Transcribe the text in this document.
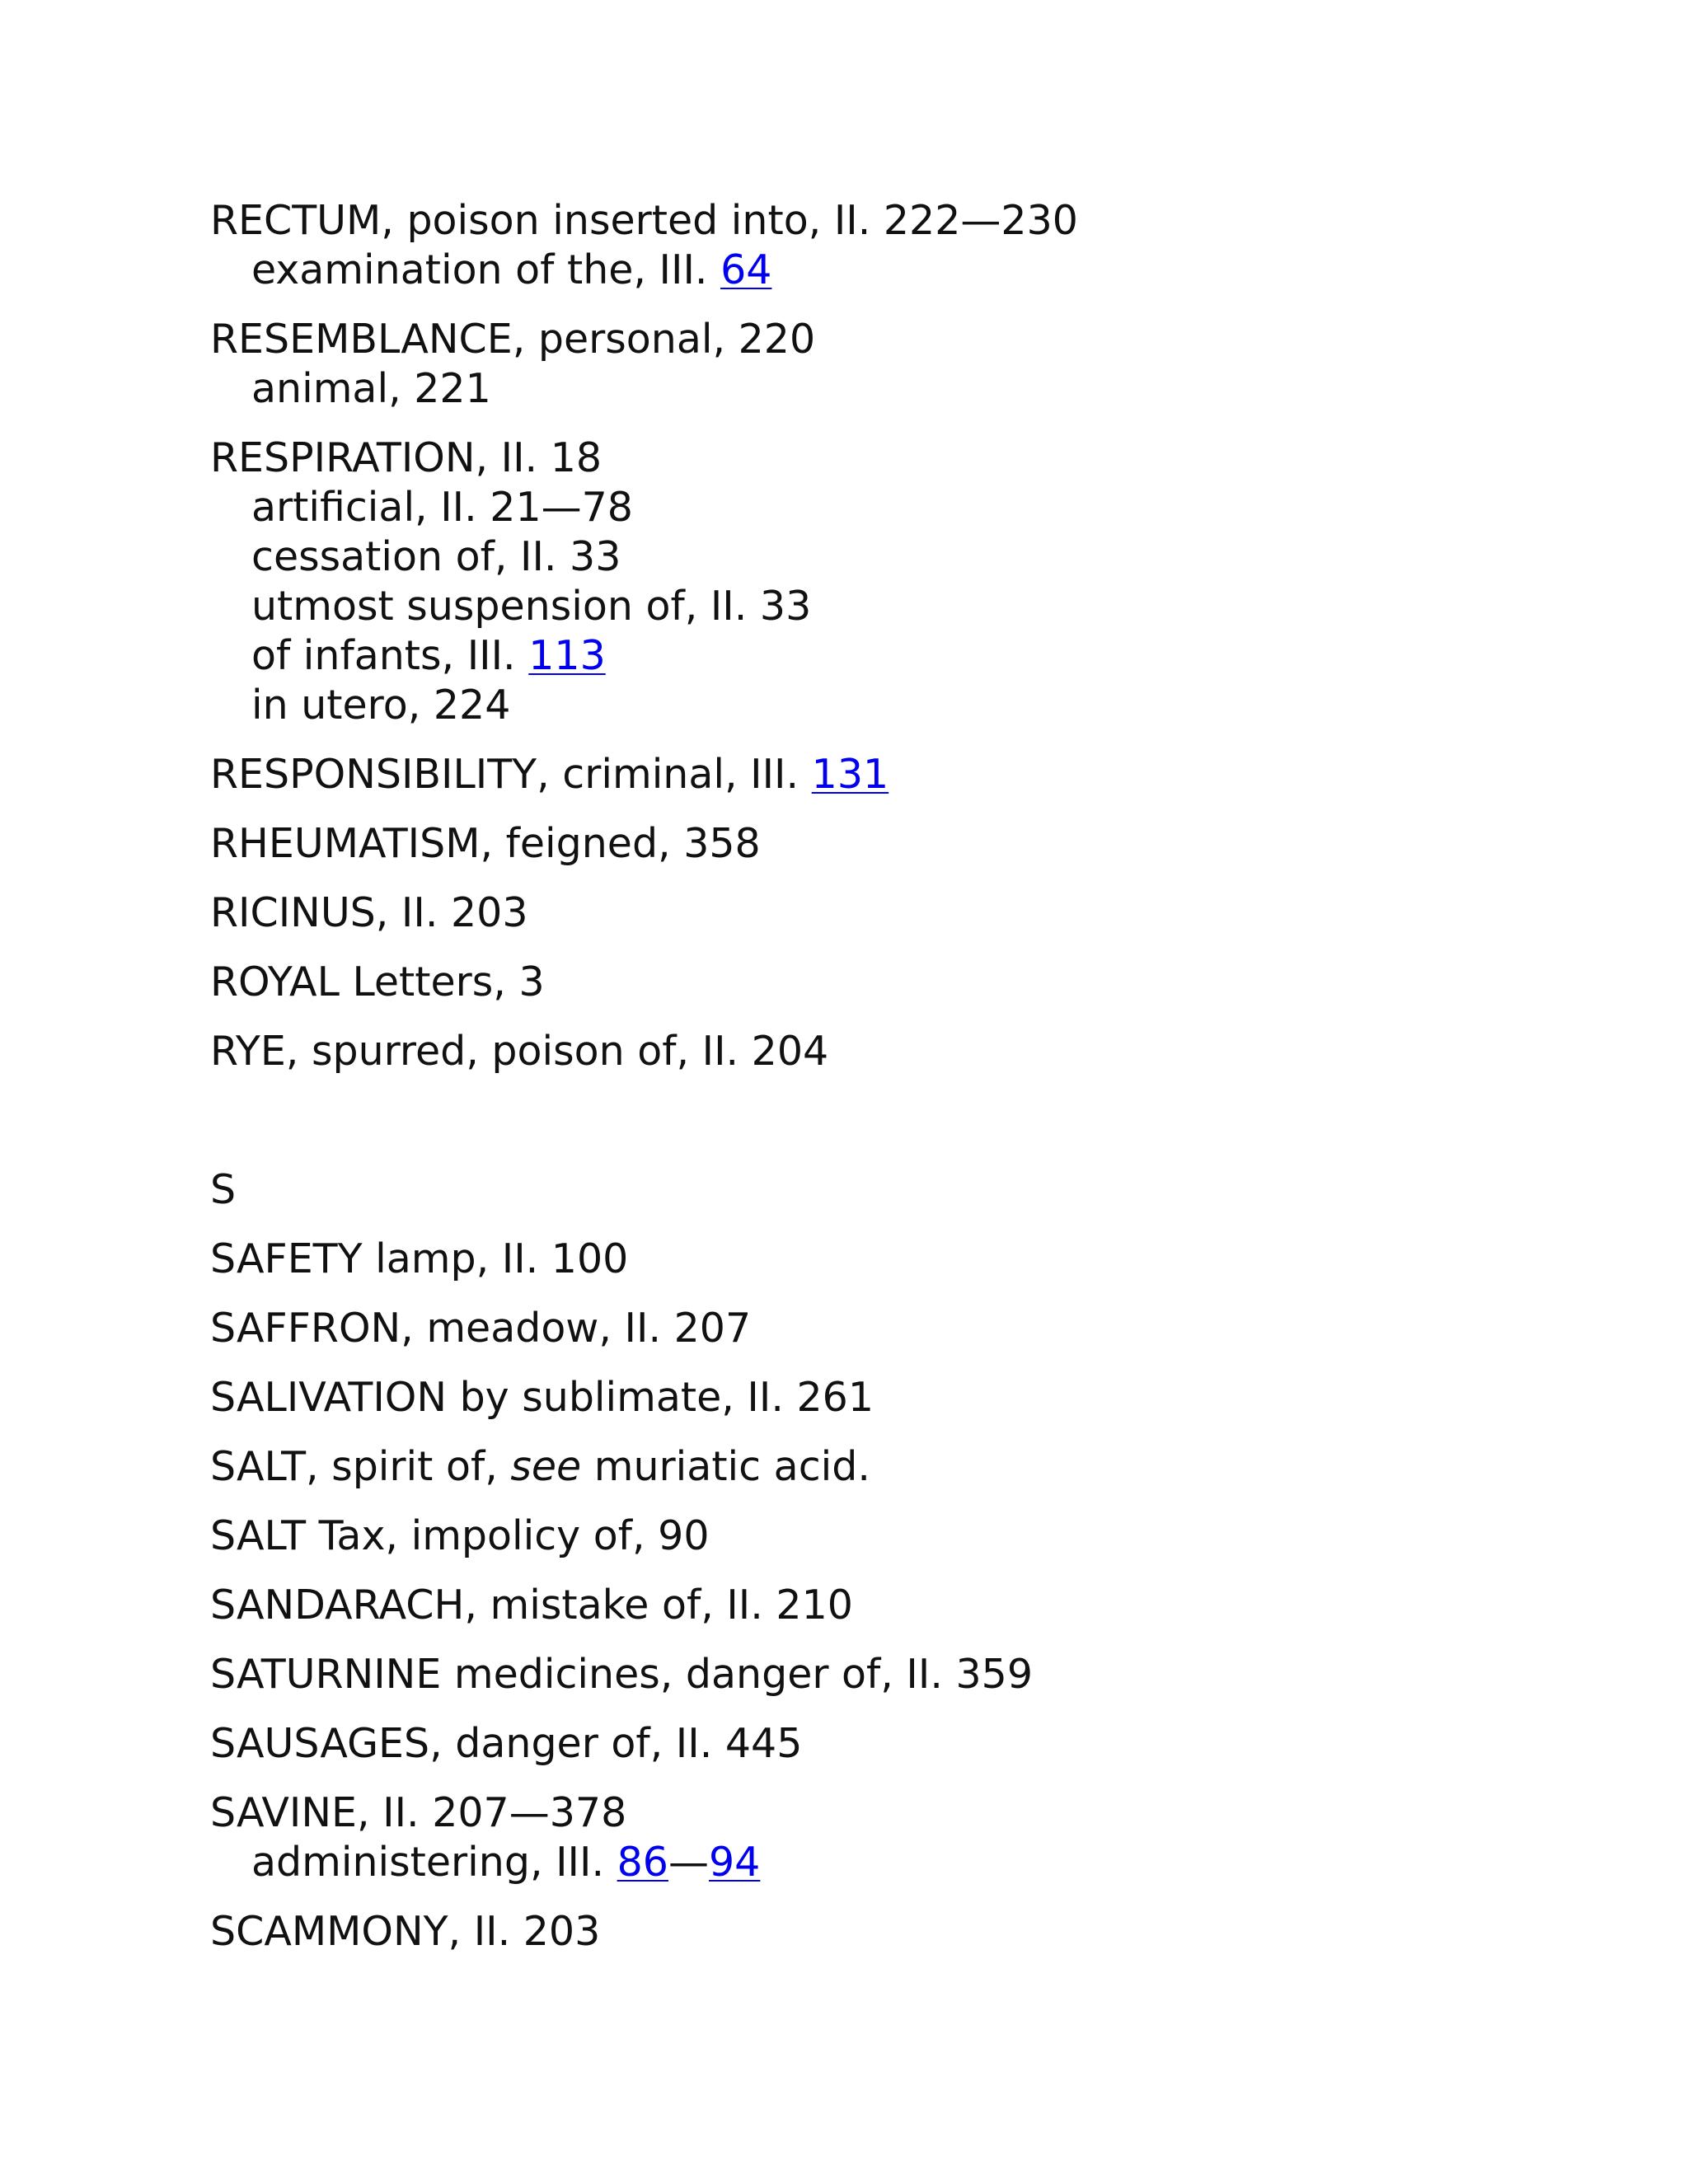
RECTUM, poison inserted into, II. 222—230
examination of the, III. 64
RESEMBLANCE, personal, 220
animal, 221
RESPIRATION, II. 18
artificial, II. 21—78
cessation of, II. 33
utmost suspension of, II. 33
of infants, III. 113
in utero, 224
RESPONSIBILITY, criminal, III. 131
RHEUMATISM, feigned, 358
RICINUS, II. 203
ROYAL Letters, 3
RYE, spurred, poison of, II. 204
S
SAFETY lamp, II. 100
SAFFRON, meadow, II. 207
SALIVATION by sublimate, II. 261
SALT, spirit of, see muriatic acid.
SALT Tax, impolicy of, 90
SANDARACH, mistake of, II. 210
SATURNINE medicines, danger of, II. 359
SAUSAGES, danger of, II. 445
SAVINE, II. 207—378
administering, III. 86—94
SCAMMONY, II. 203
